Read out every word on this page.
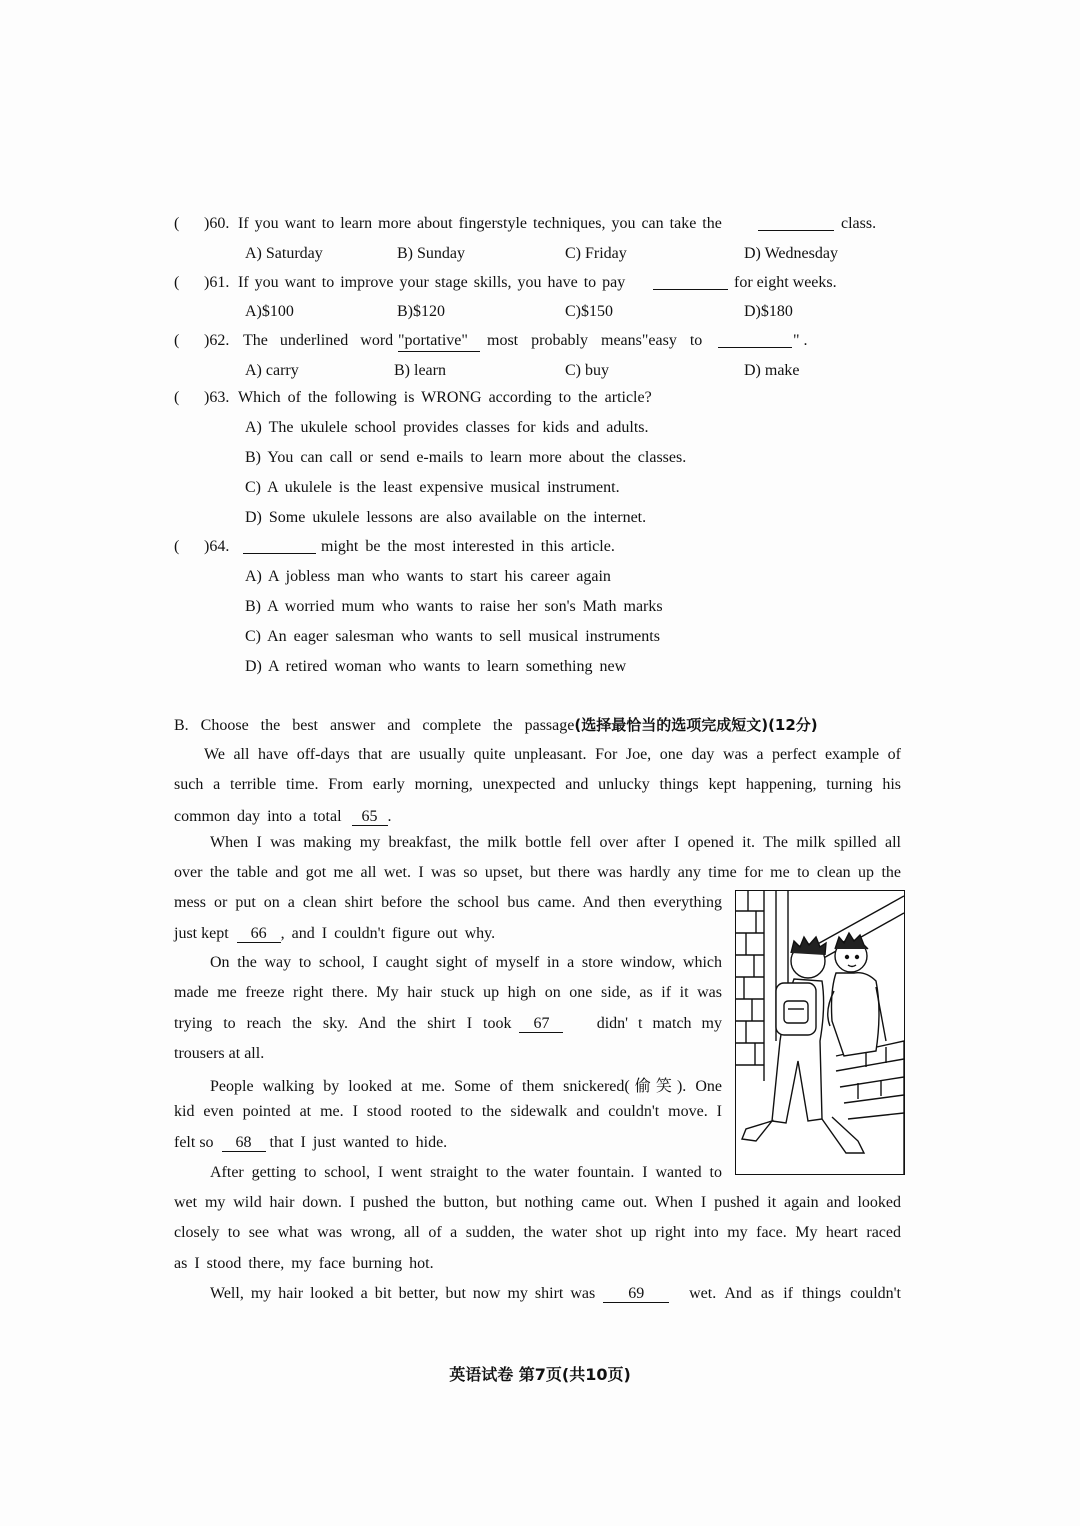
( )60. If you want to learn more about fingerstyle techniques, you can take the	class.
A) Saturday	B) Sunday	C) Friday	D) Wednesday
( )61. If you want to improve your stage skills, you have to pay	for eight weeks.
A)$100	B)$120	C)$150	D)$180
( )62. The underlined word "portative"	most probably means"easy to	" .
A) carry	B) learn	C) buy	D) make
( )63. Which of the following is WRONG according to the article?
A) The ukulele school provides classes for kids and adults.
B) You can call or send e-mails to learn more about the classes.
C) A ukulele is the least expensive musical instrument.
D) Some ukulele lessons are also available on the internet.
( )64.	might be the most interested in this article.
A) A jobless man who wants to start his career again
B) A worried mum who wants to raise her son's Math marks
C) An eager salesman who wants to sell musical instruments
D) A retired woman who wants to learn something new
B. Choose the best answer and complete the passage(选择最恰当的选项完成短文)(12分)
We all have off-days that are usually quite unpleasant. For Joe, one day was a perfect example of
such a terrible time. From early morning, unexpected and unlucky things kept happening, turning his
common day into a total 65 .
When I was making my breakfast, the milk bottle fell over after I opened it. The milk spilled all
over the table and got me all wet. I was so upset, but there was hardly any time for me to clean up the
mess or put on a clean shirt before the school bus came. And then everything
just kept 66 , and I couldn't figure out why.
On the way to school, I caught sight of myself in a store window, which
made me freeze right there. My hair stuck up high on one side, as if it was
trying to reach the sky. And the shirt I took 67	didn' t match my
trousers at all.
People walking by looked at me. Some of them snickered(偷笑). One
kid even pointed at me. I stood rooted to the sidewalk and couldn't move. I
felt so 68 that I just wanted to hide.
After getting to school, I went straight to the water fountain. I wanted to
wet my wild hair down. I pushed the button, but nothing came out. When I pushed it again and looked
closely to see what was wrong, all of a sudden, the water shot up right into my face. My heart raced
as I stood there, my face burning hot.
Well, my hair looked a bit better, but now my shirt was 69	wet. And as if things couldn't
英语试卷 第7页(共10页)
